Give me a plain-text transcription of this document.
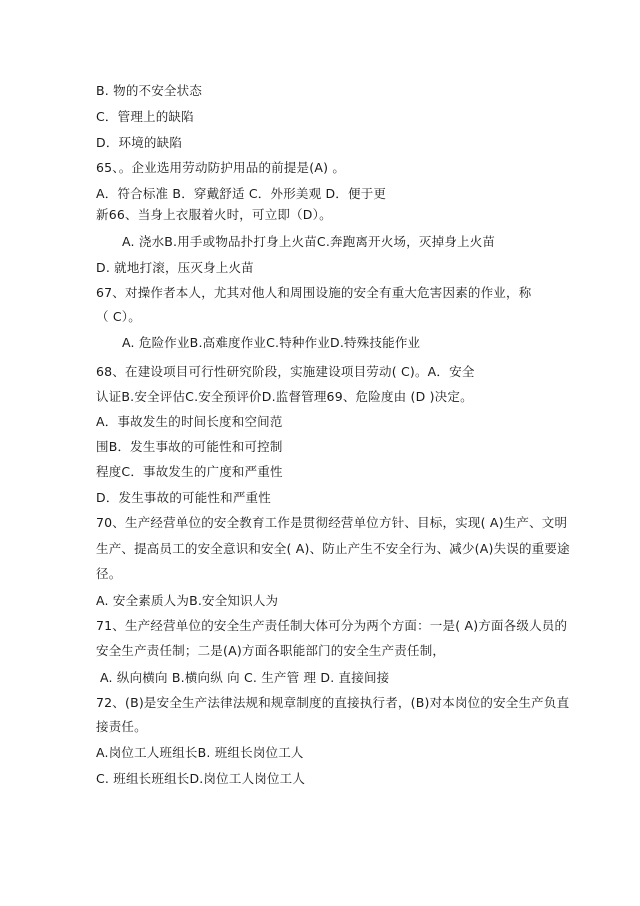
B. 物的不安全状态
C．管理上的缺陷
D．环境的缺陷
65、。企业选用劳动防护用品的前提是(A) 。
A．符合标准 B．穿戴舒适 C．外形美观 D．便于更
新66、当身上衣服着火时，可立即（D）。
A. 浇水B.用手或物品扑打身上火苗C.奔跑离开火场，灭掉身上火苗
D. 就地打滚，压灭身上火苗
67、对操作者本人，尤其对他人和周围设施的安全有重大危害因素的作业，称
（ C）。
A. 危险作业B.高难度作业C.特种作业D.特殊技能作业
68、在建设项目可行性研究阶段，实施建设项目劳动( C)。A．安全
认证B.安全评估C.安全预评价D.监督管理69、危险度由 (D )决定。
A．事故发生的时间长度和空间范
围B．发生事故的可能性和可控制
程度C．事故发生的广度和严重性
D．发生事故的可能性和严重性
70、生产经营单位的安全教育工作是贯彻经营单位方针、目标，实现( A)生产、文明
生产、提高员工的安全意识和安全( A)、防止产生不安全行为、减少(A)失误的重要途
径。
A. 安全素质人为B.安全知识人为
71、生产经营单位的安全生产责任制大体可分为两个方面：一是( A)方面各级人员的
安全生产责任制；二是(A)方面各职能部门的安全生产责任制，
A. 纵向横向 B.横向纵 向 C. 生产管 理 D. 直接间接
72、(B)是安全生产法律法规和规章制度的直接执行者，(B)对本岗位的安全生产负直
接责任。
A.岗位工人班组长B. 班组长岗位工人
C. 班组长班组长D.岗位工人岗位工人
